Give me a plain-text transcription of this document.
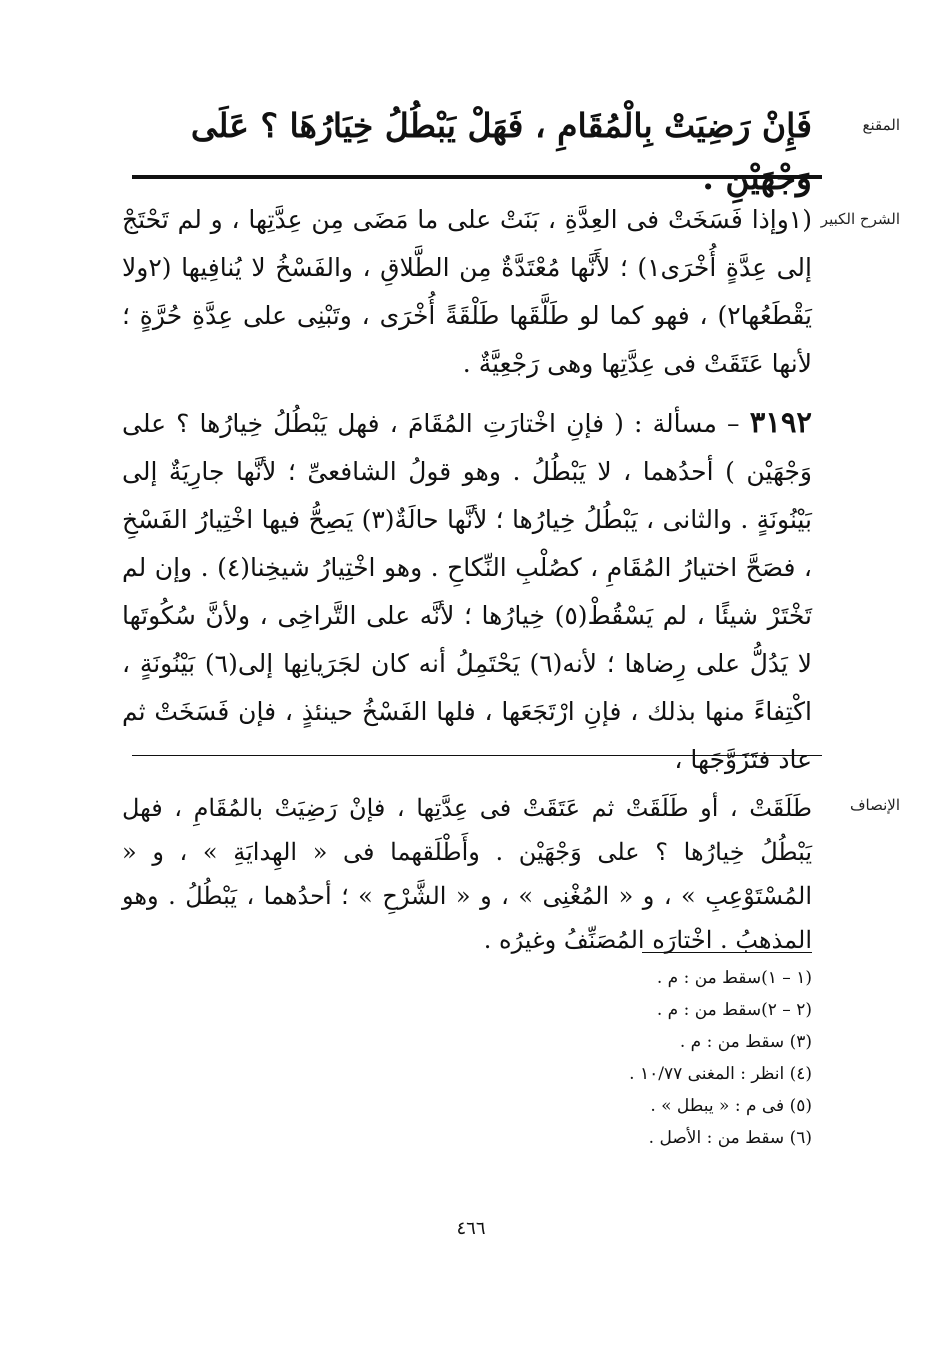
المقنع
فَإِنْ رَضِيَتْ بِالْمُقَامِ ، فَهَلْ يَبْطُلُ خِيَارُهَا ؟ عَلَى وَجْهَيْنِ .
الشرح الكبير
(١وإذا فَسَخَتْ فى العِدَّةِ ، بَنَتْ على ما مَضَى مِن عِدَّتِها ، و لم تَحْتَجْ إلى عِدَّةٍ أُخْرَى١) ؛ لأَنَّها مُعْتَدَّةٌ مِن الطَّلاقِ ، والفَسْخُ لا يُنافِيها (٢ولا يَقْطَعُها٢) ، فهو كما لو طَلَّقَها طَلْقَةً أُخْرَى ، وتَبْنِى على عِدَّةِ حُرَّةٍ ؛ لأنها عَتَقَتْ فى عِدَّتِها وهى رَجْعِيَّةٌ .
٣١٩٢ – مسألة : ( فإنِ اخْتارَتِ المُقَامَ ، فهل يَبْطُلُ خِيارُها ؟ على وَجْهَيْن ) أحدُهما ، لا يَبْطُلُ . وهو قولُ الشافعىِّ ؛ لأنَّها جارِيَةٌ إلى بَيْنُونَةٍ . والثانى ، يَبْطُلُ خِيارُها ؛ لأنَّها حالَةٌ(٣) يَصِحُّ فيها اخْتِيارُ الفَسْخِ ، فصَحَّ اختيارُ المُقَامِ ، كصُلْبِ النِّكاحِ . وهو اخْتِيارُ شيخِنا(٤) . وإن لم تَخْتَرْ شيئًا ، لم يَسْقُطْ(٥) خِيارُها ؛ لأنَّه على التَّراخِى ، ولأنَّ سُكُوتَها لا يَدُلُّ على رِضاها ؛ لأنه(٦) يَحْتَمِلُ أنه كان لجَرَيانِها إلى(٦) بَيْنُونَةٍ ، اكْتِفاءً منها بذلك ، فإنِ ارْتَجَعَها ، فلها الفَسْخُ حينئذٍ ، فإن فَسَخَتْ ثم عاد فتَزَوَّجَها ،
الإنصاف
طَلَقَتْ ، أو طَلَقَتْ ثم عَتَقَتْ فى عِدَّتِها ، فإنْ رَضِيَتْ بالمُقَامِ ، فهل يَبْطُلُ خِيارُها ؟ على وَجْهَيْن . وأَطْلَقهما فى « الهِدايَةِ » ، و « المُسْتَوْعِبِ » ، و « المُغْنِى » ، و « الشَّرْحِ » ؛ أحدُهما ، يَبْطُلُ . وهو المذهبُ . اخْتارَه المُصَنِّفُ وغيرُه .
(١ – ١)سقط من : م .
(٢ – ٢)سقط من : م .
(٣) سقط من : م .
(٤) انظر : المغنى ١٠/٧٧ .
(٥) فى م : « يبطل » .
(٦) سقط من : الأصل .
٤٦٦
